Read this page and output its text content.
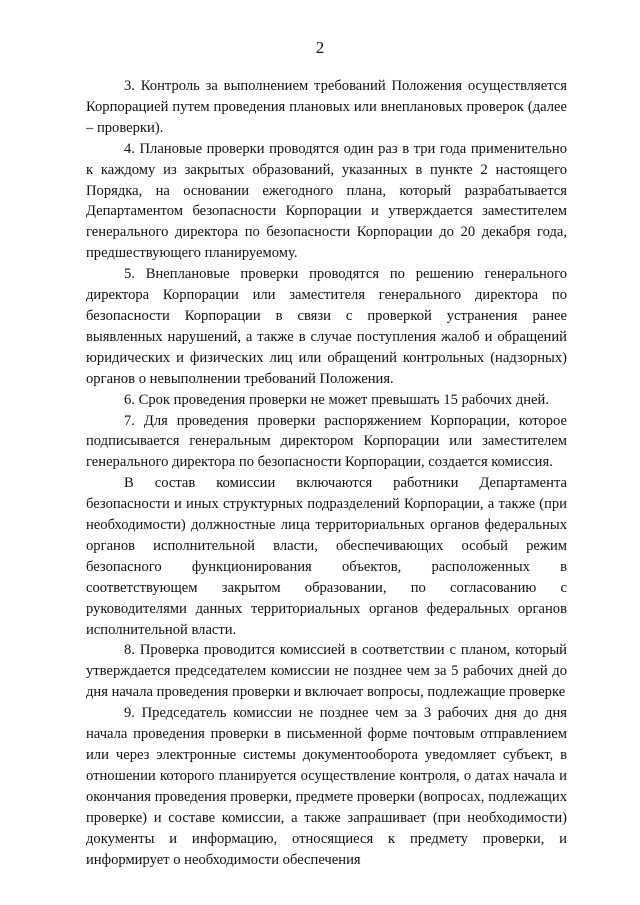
2

3. Контроль за выполнением требований Положения осуществляется Корпорацией путем проведения плановых или внеплановых проверок (далее – проверки).

4. Плановые проверки проводятся один раз в три года применительно к каждому из закрытых образований, указанных в пункте 2 настоящего Порядка, на основании ежегодного плана, который разрабатывается Департаментом безопасности Корпорации и утверждается заместителем генерального директора по безопасности Корпорации до 20 декабря года, предшествующего планируемому.

5. Внеплановые проверки проводятся по решению генерального директора Корпорации или заместителя генерального директора по безопасности Корпорации в связи с проверкой устранения ранее выявленных нарушений, а также в случае поступления жалоб и обращений юридических и физических лиц или обращений контрольных (надзорных) органов о невыполнении требований Положения.

6. Срок проведения проверки не может превышать 15 рабочих дней.

7. Для проведения проверки распоряжением Корпорации, которое подписывается генеральным директором Корпорации или заместителем генерального директора по безопасности Корпорации, создается комиссия.

В состав комиссии включаются работники Департамента безопасности и иных структурных подразделений Корпорации, а также (при необходимости) должностные лица территориальных органов федеральных органов исполнительной власти, обеспечивающих особый режим безопасного функционирования объектов, расположенных в соответствующем закрытом образовании, по согласованию с руководителями данных территориальных органов федеральных органов исполнительной власти.

8. Проверка проводится комиссией в соответствии с планом, который утверждается председателем комиссии не позднее чем за 5 рабочих дней до дня начала проведения проверки и включает вопросы, подлежащие проверке

9. Председатель комиссии не позднее чем за 3 рабочих дня до дня начала проведения проверки в письменной форме почтовым отправлением или через электронные системы документооборота уведомляет субъект, в отношении которого планируется осуществление контроля, о датах начала и окончания проведения проверки, предмете проверки (вопросах, подлежащих проверке) и составе комиссии, а также запрашивает (при необходимости) документы и информацию, относящиеся к предмету проверки, и информирует о необходимости обеспечения
